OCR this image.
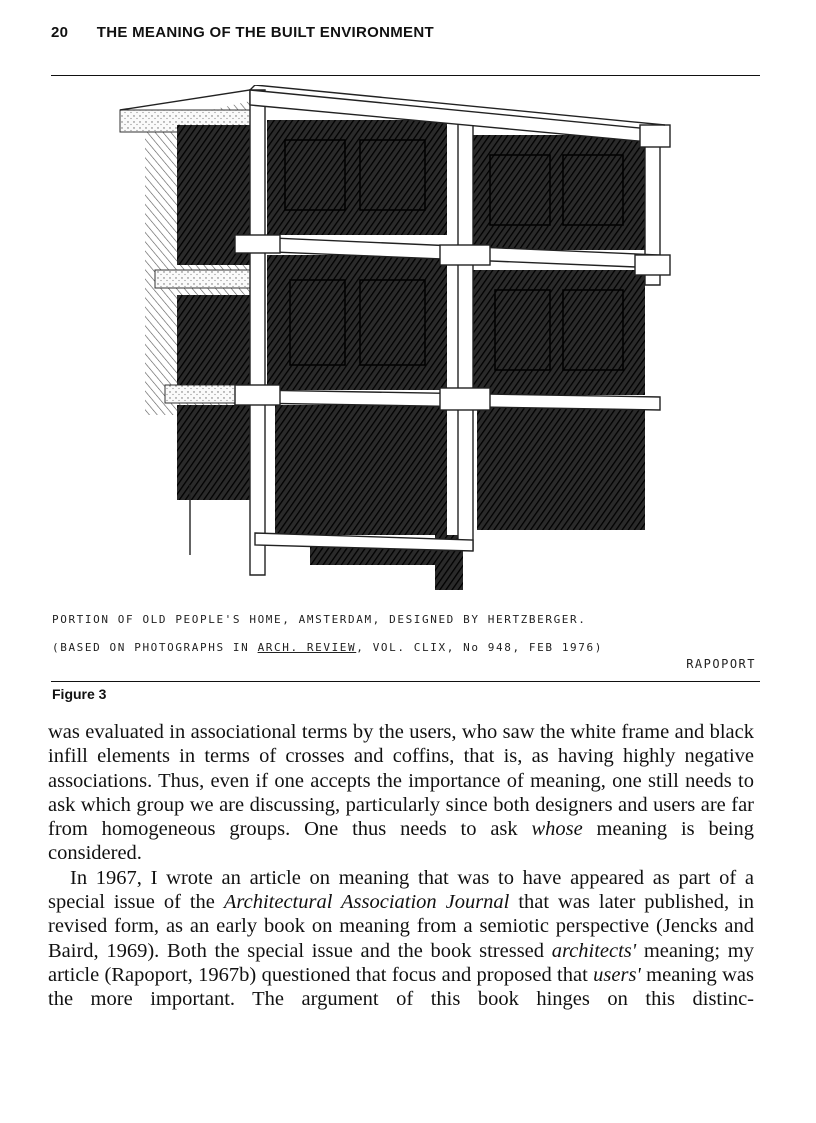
20 THE MEANING OF THE BUILT ENVIRONMENT
PORTION OF OLD PEOPLE'S HOME, AMSTERDAM, DESIGNED BY HERTZBERGER.
(BASED ON PHOTOGRAPHS IN ARCH. REVIEW, VOL. CLIX, No 948, FEB 1976)
RAPOPORT
Figure 3

was evaluated in associational terms by the users, who saw the white frame and black infill elements in terms of crosses and coffins, that is, as having highly negative associations. Thus, even if one accepts the importance of meaning, one still needs to ask which group we are discussing, particularly since both designers and users are far from homogeneous groups. One thus needs to ask whose meaning is being considered.

In 1967, I wrote an article on meaning that was to have appeared as part of a special issue of the Architectural Association Journal that was later published, in revised form, as an early book on meaning from a semiotic perspective (Jencks and Baird, 1969). Both the special issue and the book stressed architects' meaning; my article (Rapoport, 1967b) questioned that focus and proposed that users' meaning was the more important. The argument of this book hinges on this distinc-
